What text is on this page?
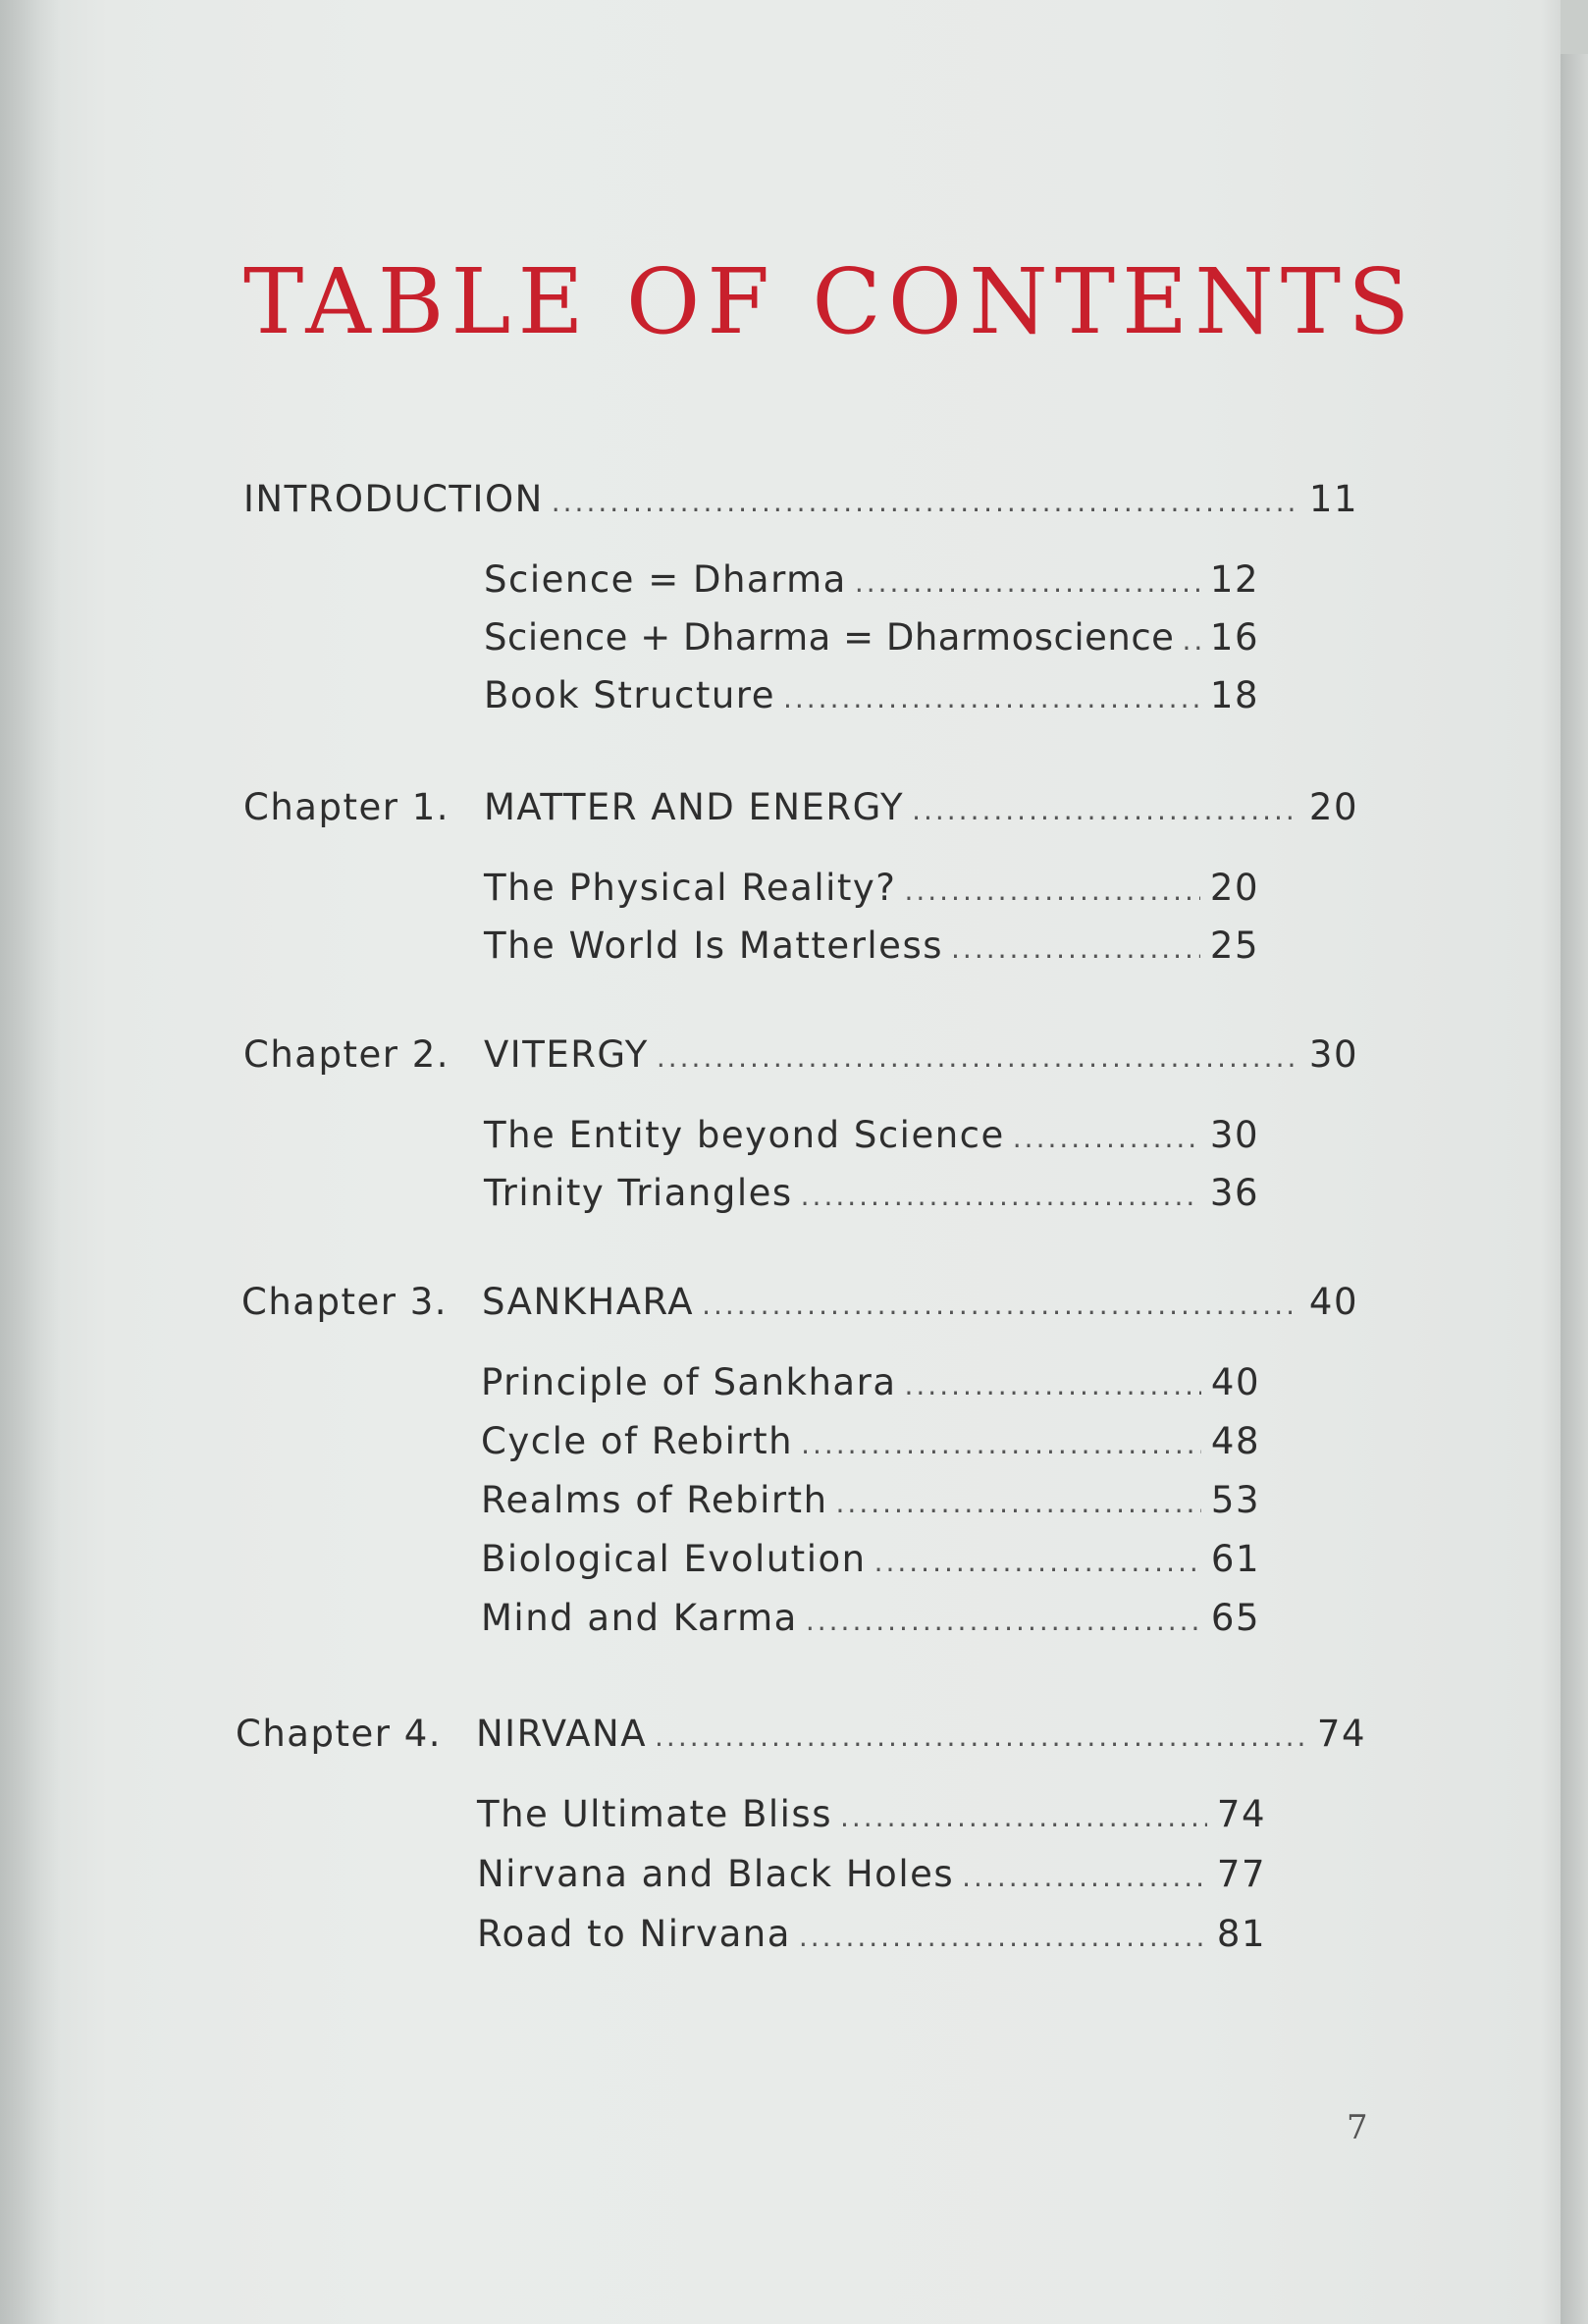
TABLE OF CONTENTS
INTRODUCTION .....	11
Science = Dharma .....	12
Science + Dharma = Dharmoscience ..... 16
Book Structure .....	18
Chapter 1. MATTER AND ENERGY .....	20
The Physical Reality? .....	20
The World Is Matterless .....	25
Chapter 2. VITERGY .....	30
The Entity beyond Science .....	30
Trinity Triangles .....	36
Chapter 3. SANKHARA .....	40
Principle of Sankhara .....	40
Cycle of Rebirth .....	48
Realms of Rebirth .....	53
Biological Evolution .....	61
Mind and Karma .....	65
Chapter 4. NIRVANA .....	74
The Ultimate Bliss .....	74
Nirvana and Black Holes .....	77
Road to Nirvana .....	81
7
